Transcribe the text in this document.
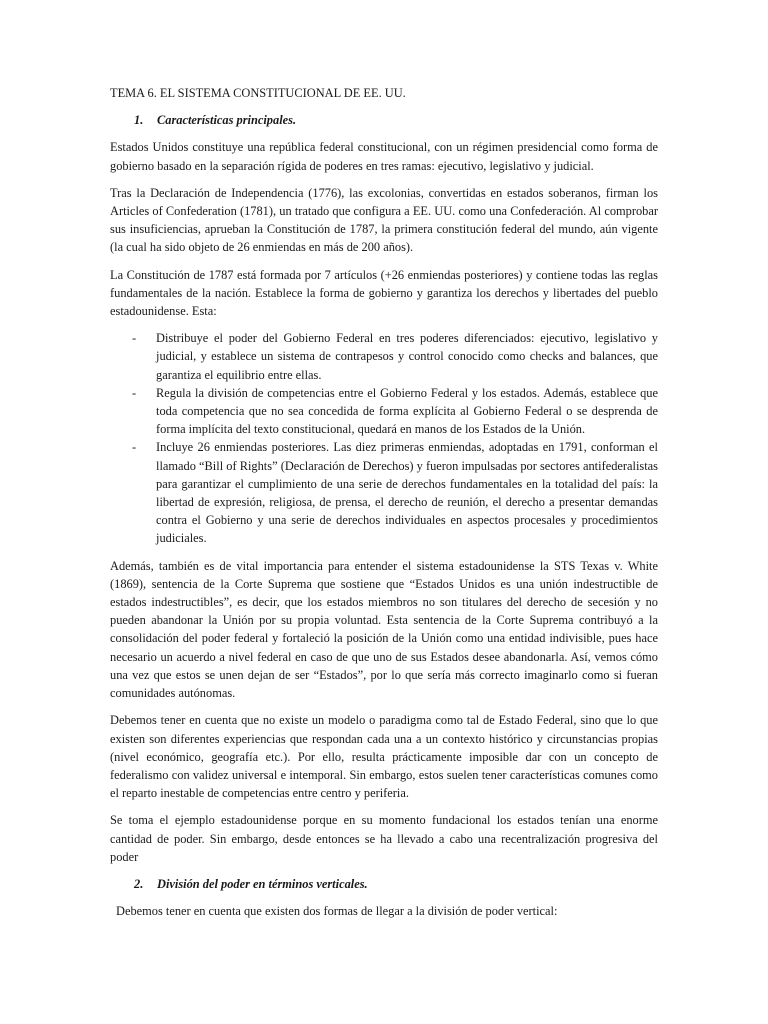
TEMA 6. EL SISTEMA CONSTITUCIONAL DE EE. UU.
1.	Características principales.

Estados Unidos constituye una república federal constitucional, con un régimen presidencial como forma de gobierno basado en la separación rígida de poderes en tres ramas: ejecutivo, legislativo y judicial.

Tras la Declaración de Independencia (1776), las excolonias, convertidas en estados soberanos, firman los Articles of Confederation (1781), un tratado que configura a EE. UU. como una Confederación. Al comprobar sus insuficiencias, aprueban la Constitución de 1787, la primera constitución federal del mundo, aún vigente (la cual ha sido objeto de 26 enmiendas en más de 200 años).

La Constitución de 1787 está formada por 7 artículos (+26 enmiendas posteriores) y contiene todas las reglas fundamentales de la nación. Establece la forma de gobierno y garantiza los derechos y libertades del pueblo estadounidense. Esta:

- Distribuye el poder del Gobierno Federal en tres poderes diferenciados: ejecutivo, legislativo y judicial, y establece un sistema de contrapesos y control conocido como checks and balances, que garantiza el equilibrio entre ellas.
- Regula la división de competencias entre el Gobierno Federal y los estados. Además, establece que toda competencia que no sea concedida de forma explícita al Gobierno Federal o se desprenda de forma implícita del texto constitucional, quedará en manos de los Estados de la Unión.
- Incluye 26 enmiendas posteriores. Las diez primeras enmiendas, adoptadas en 1791, conforman el llamado “Bill of Rights” (Declaración de Derechos) y fueron impulsadas por sectores antifederalistas para garantizar el cumplimiento de una serie de derechos fundamentales en la totalidad del país: la libertad de expresión, religiosa, de prensa, el derecho de reunión, el derecho a presentar demandas contra el Gobierno y una serie de derechos individuales en aspectos procesales y procedimientos judiciales.

Además, también es de vital importancia para entender el sistema estadounidense la STS Texas v. White (1869), sentencia de la Corte Suprema que sostiene que “Estados Unidos es una unión indestructible de estados indestructibles”, es decir, que los estados miembros no son titulares del derecho de secesión y no pueden abandonar la Unión por su propia voluntad. Esta sentencia de la Corte Suprema contribuyó a la consolidación del poder federal y fortaleció la posición de la Unión como una entidad indivisible, pues hace necesario un acuerdo a nivel federal en caso de que uno de sus Estados desee abandonarla. Así, vemos cómo una vez que estos se unen dejan de ser “Estados”, por lo que sería más correcto imaginarlo como si fueran comunidades autónomas.

Debemos tener en cuenta que no existe un modelo o paradigma como tal de Estado Federal, sino que lo que existen son diferentes experiencias que respondan cada una a un contexto histórico y circunstancias propias (nivel económico, geografía etc.). Por ello, resulta prácticamente imposible dar con un concepto de federalismo con validez universal e intemporal. Sin embargo, estos suelen tener características comunes como el reparto inestable de competencias entre centro y periferia.

Se toma el ejemplo estadounidense porque en su momento fundacional los estados tenían una enorme cantidad de poder. Sin embargo, desde entonces se ha llevado a cabo una recentralización progresiva del poder

2.	División del poder en términos verticales.

Debemos tener en cuenta que existen dos formas de llegar a la división de poder vertical:
